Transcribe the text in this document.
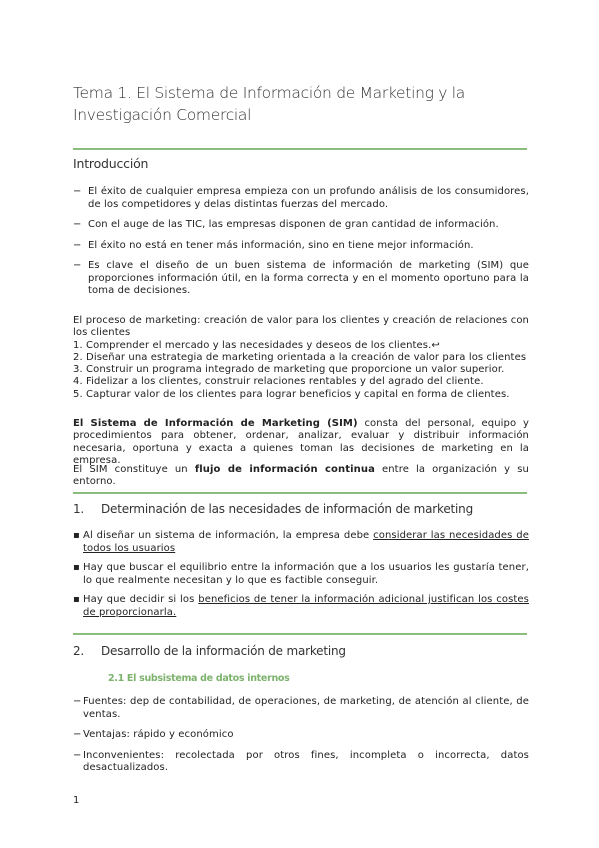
Tema 1. El Sistema de Información de Marketing y la Investigación Comercial
Introducción
− El éxito de cualquier empresa empieza con un profundo análisis de los consumidores, de los competidores y delas distintas fuerzas del mercado.
− Con el auge de las TIC, las empresas disponen de gran cantidad de información.
− El éxito no está en tener más información, sino en tiene mejor información.
− Es clave el diseño de un buen sistema de información de marketing (SIM) que proporciones información útil, en la forma correcta y en el momento oportuno para la toma de decisiones.

El proceso de marketing: creación de valor para los clientes y creación de relaciones con los clientes

1. Comprender el mercado y las necesidades y deseos de los clientes.↩

2. Diseñar una estrategia de marketing orientada a la creación de valor para los clientes

3. Construir un programa integrado de marketing que proporcione un valor superior.

4. Fidelizar a los clientes, construir relaciones rentables y del agrado del cliente.

5. Capturar valor de los clientes para lograr beneficios y capital en forma de clientes.

El Sistema de Información de Marketing (SIM) consta del personal, equipo y procedimientos para obtener, ordenar, analizar, evaluar y distribuir información necesaria, oportuna y exacta a quienes toman las decisiones de marketing en la empresa.

El SIM constituye un flujo de información continua entre la organización y su entorno.

1. Determinación de las necesidades de información de marketing
▪ Al diseñar un sistema de información, la empresa debe considerar las necesidades de todos los usuarios
▪ Hay que buscar el equilibrio entre la información que a los usuarios les gustaría tener, lo que realmente necesitan y lo que es factible conseguir.
▪ Hay que decidir si los beneficios de tener la información adicional justifican los costes de proporcionarla.
2. Desarrollo de la información de marketing
2.1 El subsistema de datos internos
− Fuentes: dep de contabilidad, de operaciones, de marketing, de atención al cliente, de ventas.
− Ventajas: rápido y económico
− Inconvenientes: recolectada por otros fines, incompleta o incorrecta, datos desactualizados.
1
